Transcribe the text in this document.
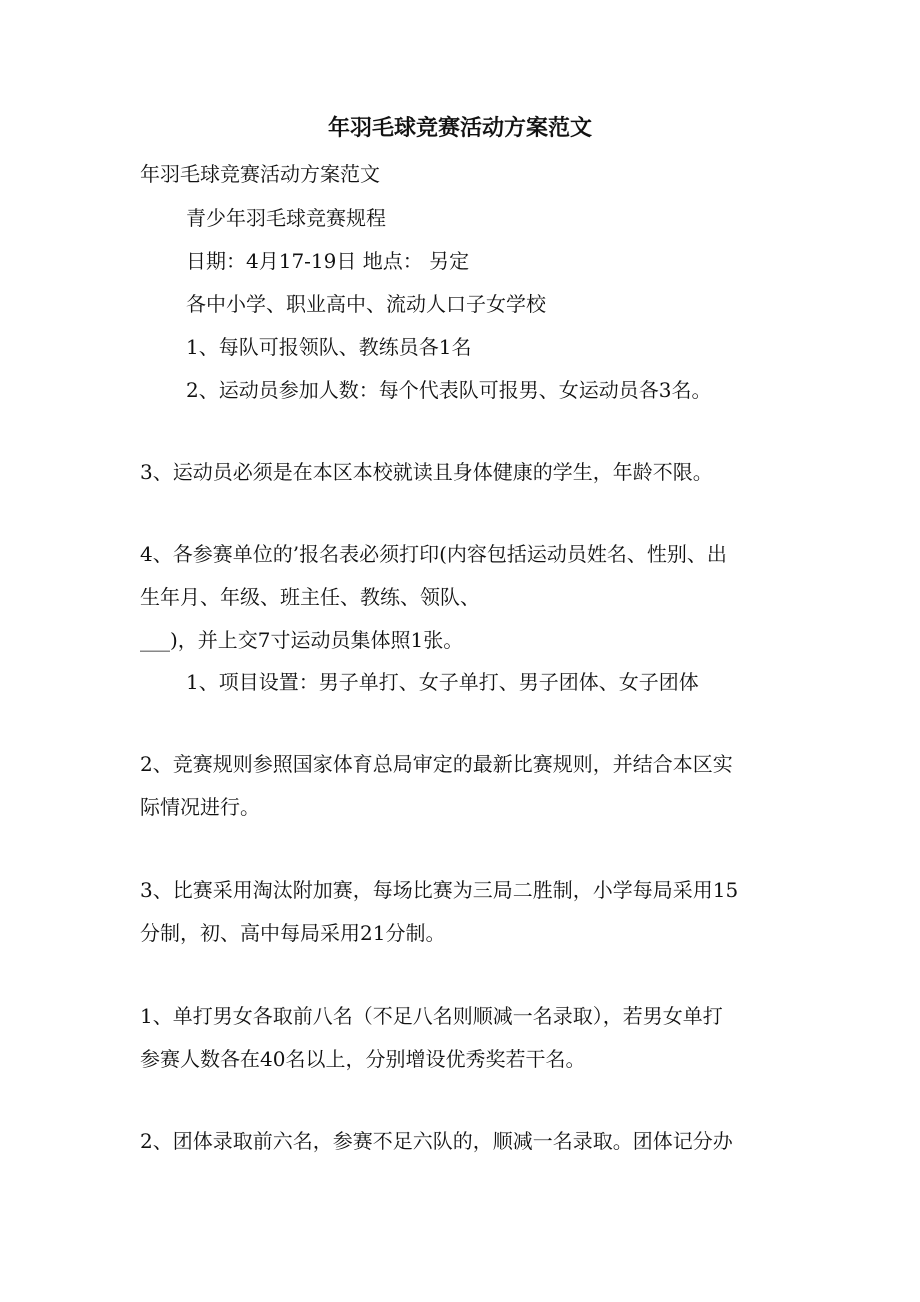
年羽毛球竞赛活动方案范文
年羽毛球竞赛活动方案范文
青少年羽毛球竞赛规程
日期：4月17-19日 地点： 另定
各中小学、职业高中、流动人口子女学校
1、每队可报领队、教练员各1名
2、运动员参加人数：每个代表队可报男、女运动员各3名。
3、运动员必须是在本区本校就读且身体健康的学生，年龄不限。
4、各参赛单位的’报名表必须打印(内容包括运动员姓名、性别、出
生年月、年级、班主任、教练、领队、
___)，并上交7寸运动员集体照1张。
1、项目设置：男子单打、女子单打、男子团体、女子团体
2、竞赛规则参照国家体育总局审定的最新比赛规则，并结合本区实
际情况进行。
3、比赛采用淘汰附加赛，每场比赛为三局二胜制，小学每局采用15
分制，初、高中每局采用21分制。
1、单打男女各取前八名（不足八名则顺减一名录取），若男女单打
参赛人数各在40名以上，分别增设优秀奖若干名。
2、团体录取前六名，参赛不足六队的，顺减一名录取。团体记分办
